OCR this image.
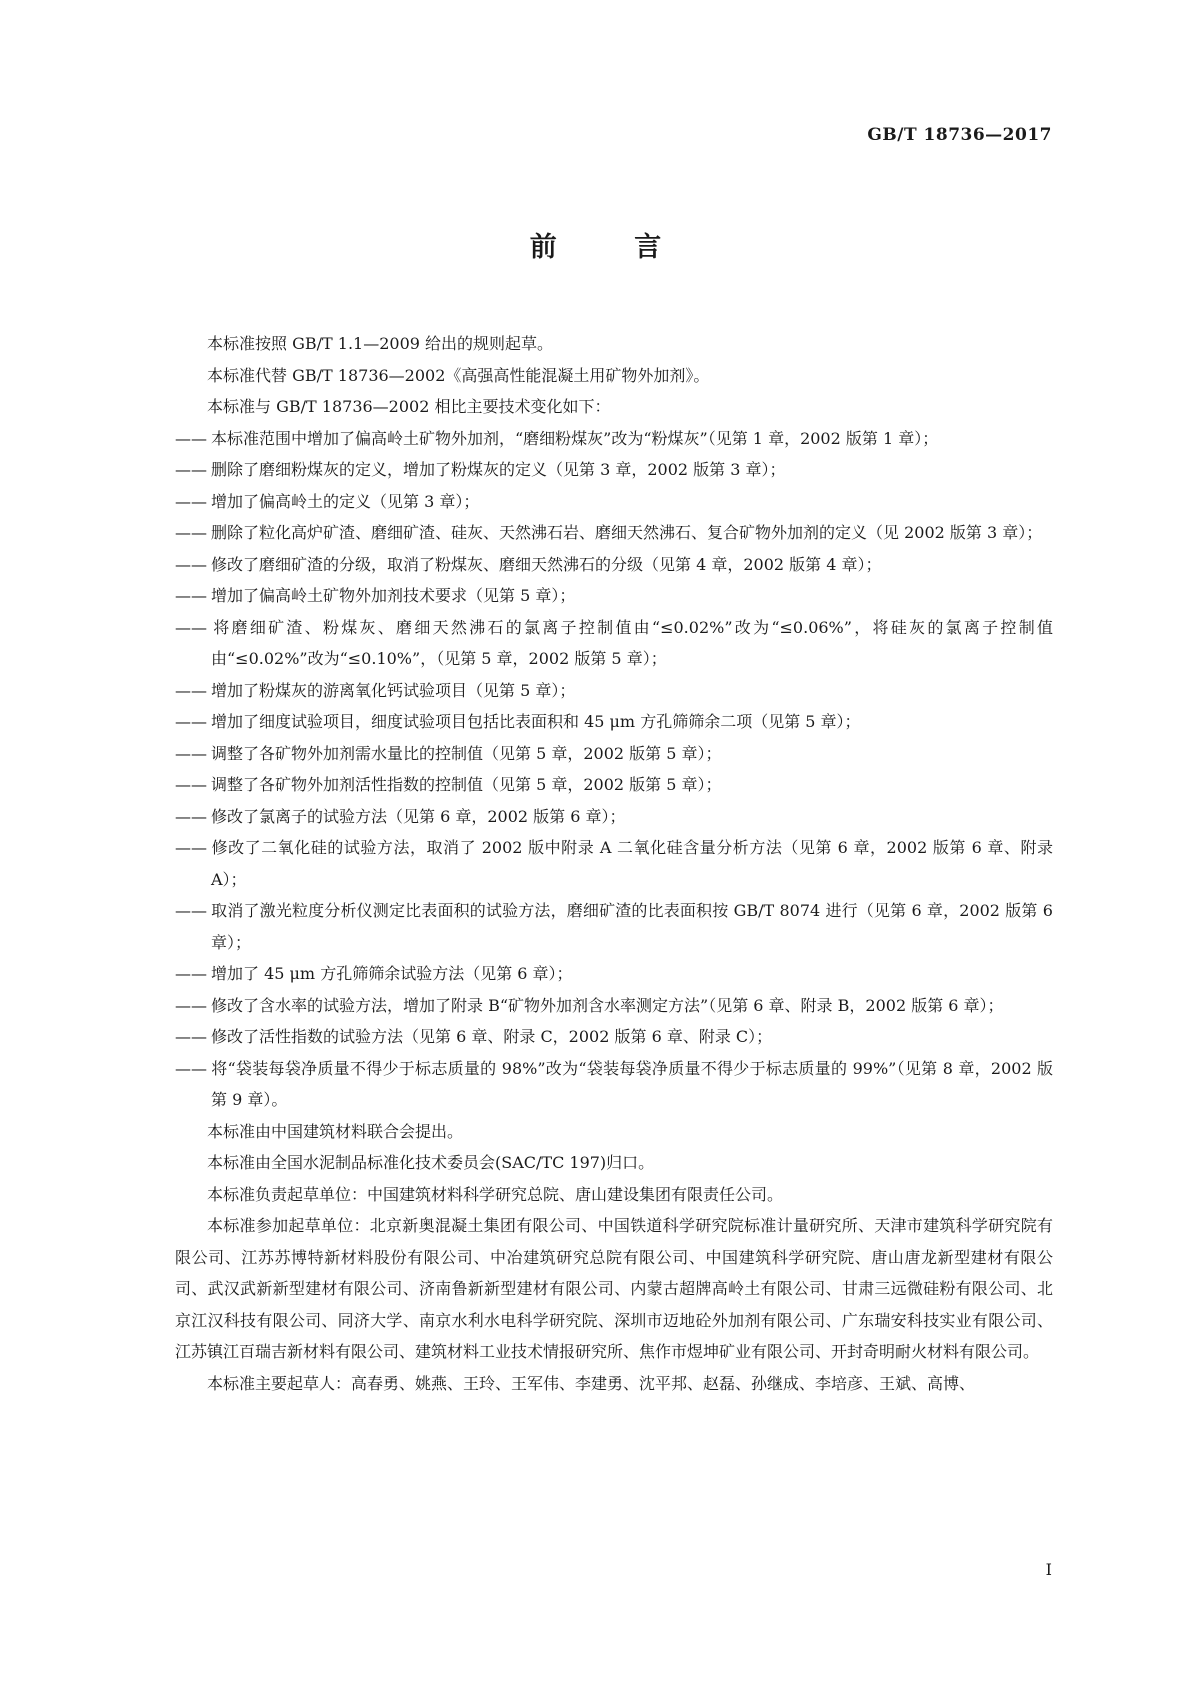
GB/T 18736—2017
前 言

本标准按照 GB/T 1.1—2009 给出的规则起草。

本标准代替 GB/T 18736—2002《高强高性能混凝土用矿物外加剂》。

本标准与 GB/T 18736—2002 相比主要技术变化如下：

—— 本标准范围中增加了偏高岭土矿物外加剂，“磨细粉煤灰”改为“粉煤灰”（见第 1 章，2002 版第 1 章）；

—— 删除了磨细粉煤灰的定义，增加了粉煤灰的定义（见第 3 章，2002 版第 3 章）；

—— 增加了偏高岭土的定义（见第 3 章）；

—— 删除了粒化高炉矿渣、磨细矿渣、硅灰、天然沸石岩、磨细天然沸石、复合矿物外加剂的定义（见 2002 版第 3 章）；

—— 修改了磨细矿渣的分级，取消了粉煤灰、磨细天然沸石的分级（见第 4 章，2002 版第 4 章）；

—— 增加了偏高岭土矿物外加剂技术要求（见第 5 章）；

—— 将磨细矿渣、粉煤灰、磨细天然沸石的氯离子控制值由“≤0.02%”改为“≤0.06%”，将硅灰的氯离子控制值由“≤0.02%”改为“≤0.10%”，（见第 5 章，2002 版第 5 章）；

—— 增加了粉煤灰的游离氧化钙试验项目（见第 5 章）；

—— 增加了细度试验项目，细度试验项目包括比表面积和 45 μm 方孔筛筛余二项（见第 5 章）；

—— 调整了各矿物外加剂需水量比的控制值（见第 5 章，2002 版第 5 章）；

—— 调整了各矿物外加剂活性指数的控制值（见第 5 章，2002 版第 5 章）；

—— 修改了氯离子的试验方法（见第 6 章，2002 版第 6 章）；

—— 修改了二氧化硅的试验方法，取消了 2002 版中附录 A 二氧化硅含量分析方法（见第 6 章，2002 版第 6 章、附录 A）；

—— 取消了激光粒度分析仪测定比表面积的试验方法，磨细矿渣的比表面积按 GB/T 8074 进行（见第 6 章，2002 版第 6 章）；

—— 增加了 45 μm 方孔筛筛余试验方法（见第 6 章）；

—— 修改了含水率的试验方法，增加了附录 B“矿物外加剂含水率测定方法”（见第 6 章、附录 B，2002 版第 6 章）；

—— 修改了活性指数的试验方法（见第 6 章、附录 C，2002 版第 6 章、附录 C）；

—— 将“袋装每袋净质量不得少于标志质量的 98%”改为“袋装每袋净质量不得少于标志质量的 99%”（见第 8 章，2002 版第 9 章）。

本标准由中国建筑材料联合会提出。

本标准由全国水泥制品标准化技术委员会(SAC/TC 197)归口。

本标准负责起草单位：中国建筑材料科学研究总院、唐山建设集团有限责任公司。

本标准参加起草单位：北京新奥混凝土集团有限公司、中国铁道科学研究院标准计量研究所、天津市建筑科学研究院有限公司、江苏苏博特新材料股份有限公司、中冶建筑研究总院有限公司、中国建筑科学研究院、唐山唐龙新型建材有限公司、武汉武新新型建材有限公司、济南鲁新新型建材有限公司、内蒙古超牌高岭土有限公司、甘肃三远微硅粉有限公司、北京江汉科技有限公司、同济大学、南京水利水电科学研究院、深圳市迈地砼外加剂有限公司、广东瑞安科技实业有限公司、江苏镇江百瑞吉新材料有限公司、建筑材料工业技术情报研究所、焦作市煜坤矿业有限公司、开封奇明耐火材料有限公司。

本标准主要起草人：高春勇、姚燕、王玲、王军伟、李建勇、沈平邦、赵磊、孙继成、李培彦、王斌、高博、

I
